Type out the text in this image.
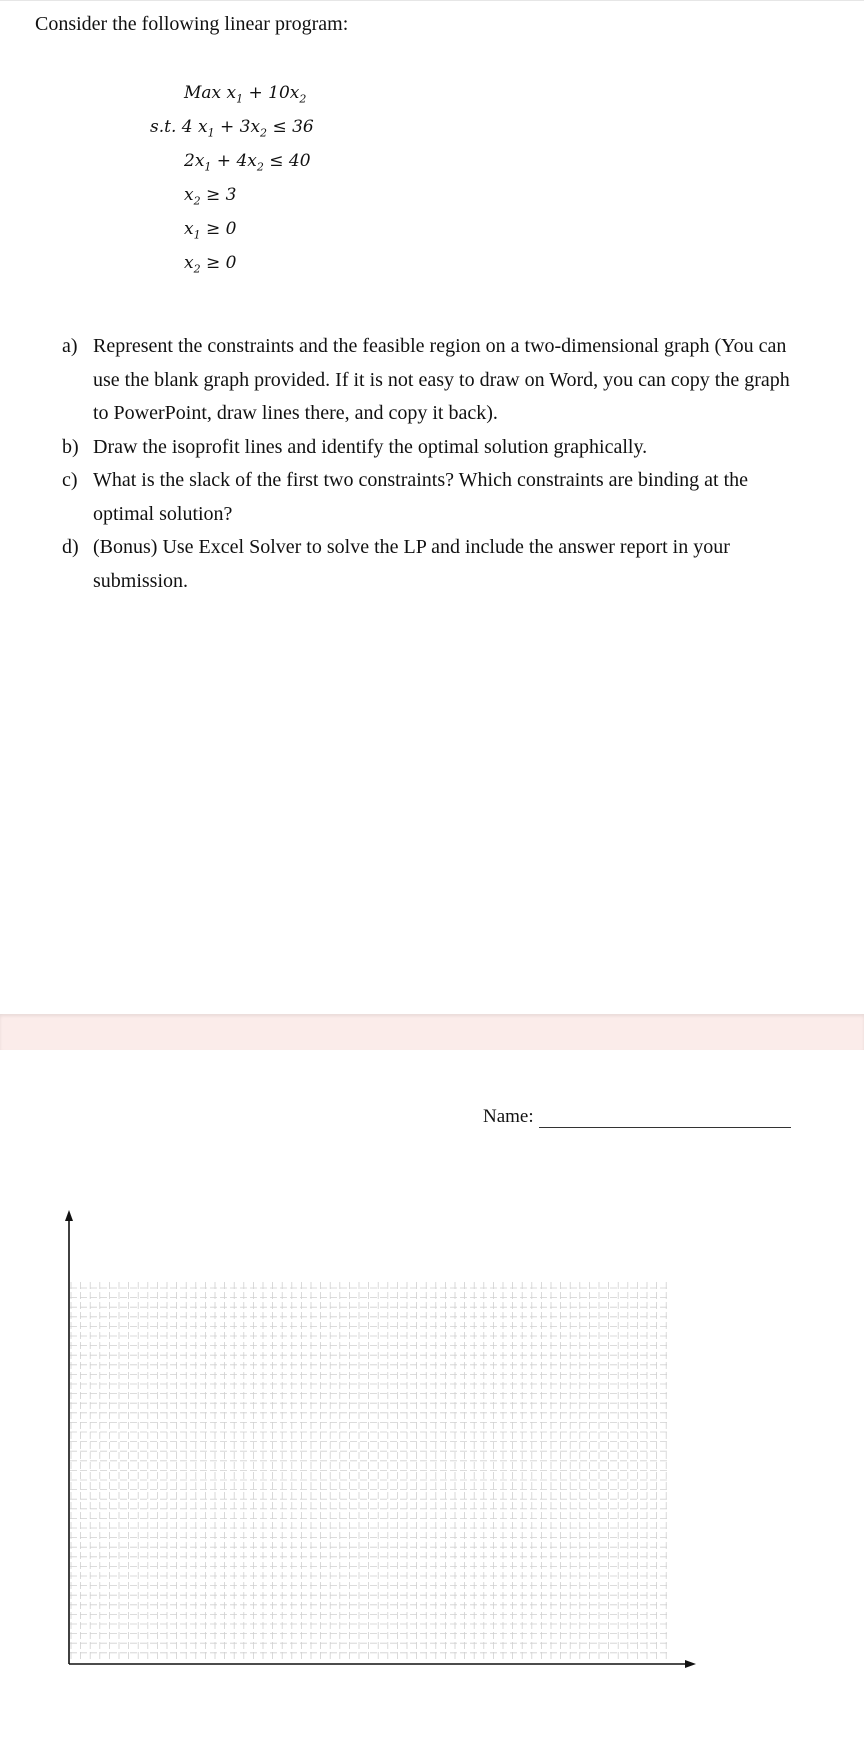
Consider the following linear program:
Max $x_1 + 10x_2$
s.t. 4 $x_1 + 3x_2 \le 36$
$2x_1 + 4x_2 \le 40$
$x_2 \ge 3$
$x_1 \ge 0$
$x_2 \ge 0$
a) Represent the constraints and the feasible region on a two-dimensional graph (You can use the blank graph provided. If it is not easy to draw on Word, you can copy the graph to PowerPoint, draw lines there, and copy it back).
b) Draw the isoprofit lines and identify the optimal solution graphically.
c) What is the slack of the first two constraints? Which constraints are binding at the optimal solution?
d) (Bonus) Use Excel Solver to solve the LP and include the answer report in your submission.
Name:
